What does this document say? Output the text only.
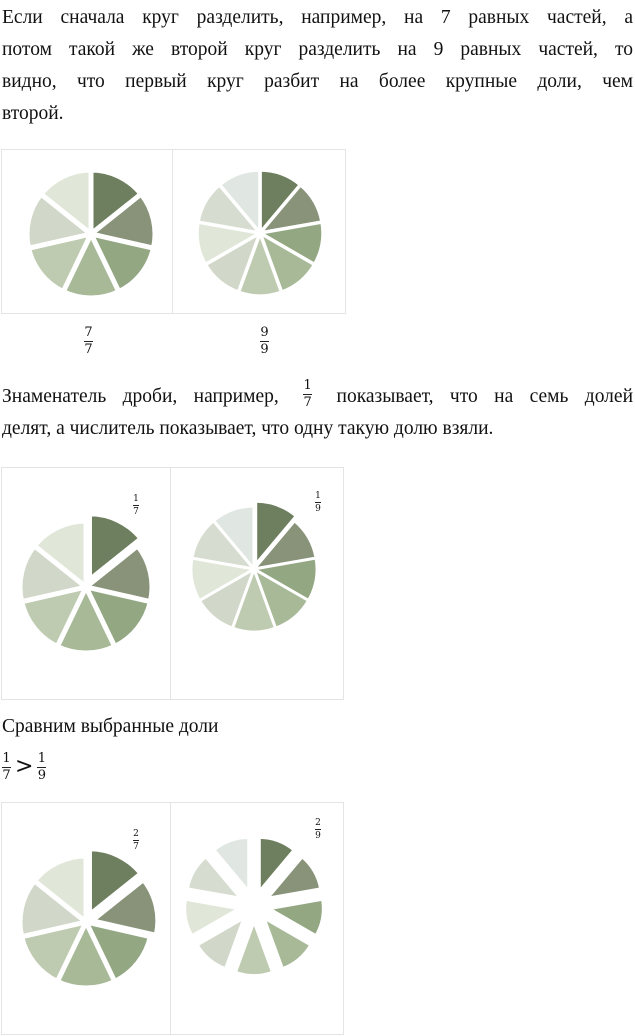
Если сначала круг разделить, например, на 7 равных частей, а
потом такой же второй круг разделить на 9 равных частей, то
видно, что первый круг разбит на более крупные доли, чем
второй.
7
7
9
9
Знаменатель дроби, например, $\frac{1}{7}$ показывает, что на семь долей
делят, а числитель показывает, что одну такую долю взяли.
1
7
1
9
Сравним выбранные доли
$\frac{1}{7} > \frac{1}{9}$
2
7
2
9
